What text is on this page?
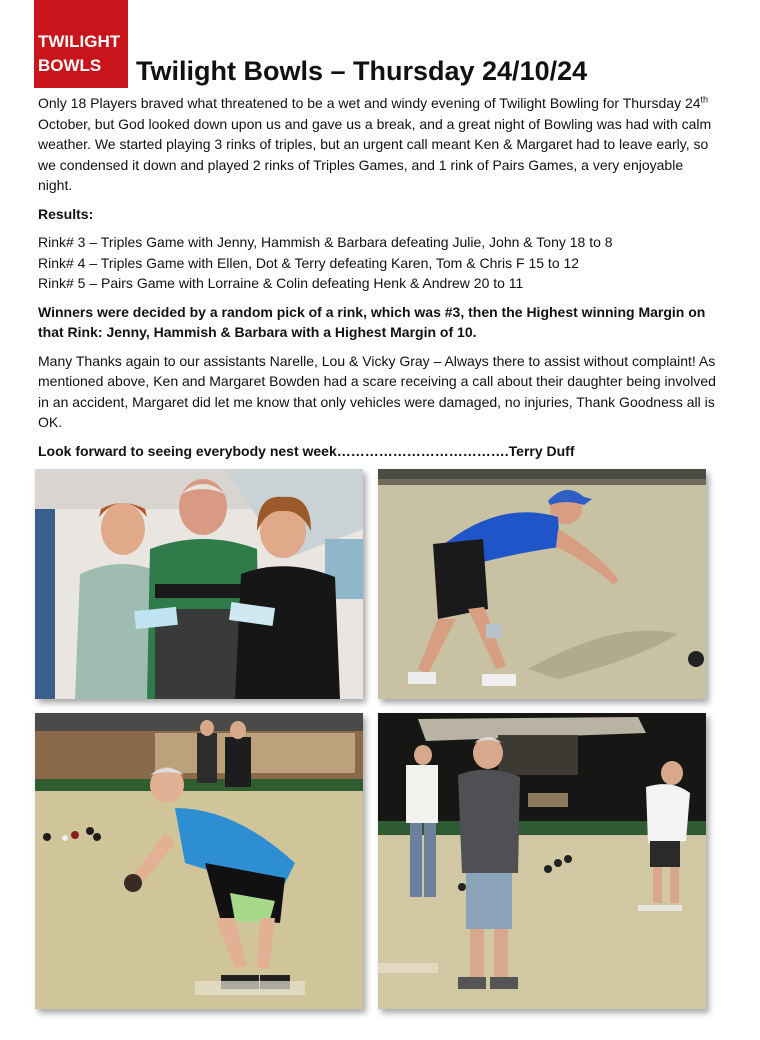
TWILIGHT
BOWLS	Twilight Bowls – Thursday 24/10/24

Only 18 Players braved what threatened to be a wet and windy evening of Twilight Bowling for Thursday 24th October, but God looked down upon us and gave us a break, and a great night of Bowling was had with calm weather. We started playing 3 rinks of triples, but an urgent call meant Ken & Margaret had to leave early, so we condensed it down and played 2 rinks of Triples Games, and 1 rink of Pairs Games, a very enjoyable night.

Results:

Rink# 3 – Triples Game with Jenny, Hammish & Barbara defeating Julie, John & Tony 18 to 8

Rink# 4 – Triples Game with Ellen, Dot & Terry defeating Karen, Tom & Chris F 15 to 12

Rink# 5 – Pairs Game with Lorraine & Colin defeating Henk & Andrew 20 to 11

Winners were decided by a random pick of a rink, which was #3, then the Highest winning Margin on that Rink: Jenny, Hammish & Barbara with a Highest Margin of 10.

Many Thanks again to our assistants Narelle, Lou & Vicky Gray – Always there to assist without complaint! As mentioned above, Ken and Margaret Bowden had a scare receiving a call about their daughter being involved in an accident, Margaret did let me know that only vehicles were damaged, no injuries, Thank Goodness all is OK.

Look forward to seeing everybody nest week……………………………….Terry Duff
